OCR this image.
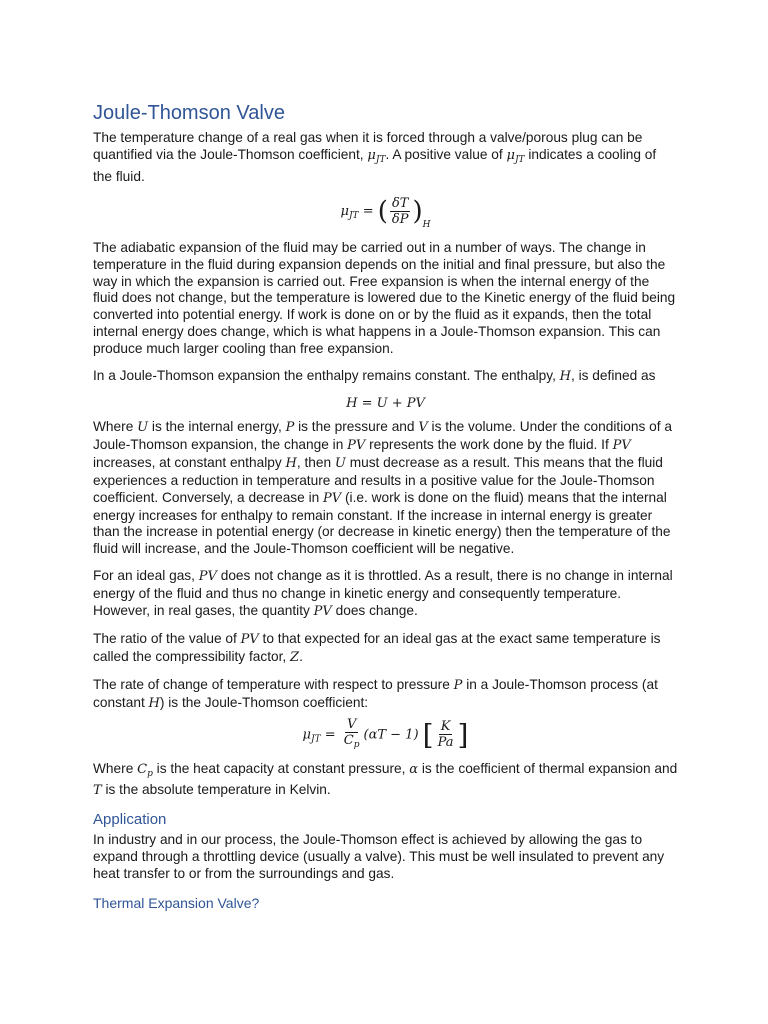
Joule-Thomson Valve

The temperature change of a real gas when it is forced through a valve/porous plug can be quantified via the Joule-Thomson coefficient, $\mu_{JT}$. A positive value of $\mu_{JT}$ indicates a cooling of the fluid.

$\mu_{JT}$ = ( $\frac{\delta T}{\delta P} )_H$

The adiabatic expansion of the fluid may be carried out in a number of ways. The change in temperature in the fluid during expansion depends on the initial and final pressure, but also the way in which the expansion is carried out. Free expansion is when the internal energy of the fluid does not change, but the temperature is lowered due to the Kinetic energy of the fluid being converted into potential energy. If work is done on or by the fluid as it expands, then the total internal energy does change, which is what happens in a Joule-Thomson expansion. This can produce much larger cooling than free expansion.

In a Joule-Thomson expansion the enthalpy remains constant. The enthalpy, H, is defined as

H = U + PV

Where U is the internal energy, P is the pressure and V is the volume. Under the conditions of a Joule-Thomson expansion, the change in PV represents the work done by the fluid. If PV increases, at constant enthalpy H, then U must decrease as a result. This means that the fluid experiences a reduction in temperature and results in a positive value for the Joule-Thomson coefficient. Conversely, a decrease in PV (i.e. work is done on the fluid) means that the internal energy increases for enthalpy to remain constant. If the increase in internal energy is greater than the increase in potential energy (or decrease in kinetic energy) then the temperature of the fluid will increase, and the Joule-Thomson coefficient will be negative.

For an ideal gas, PV does not change as it is throttled. As a result, there is no change in internal energy of the fluid and thus no change in kinetic energy and consequently temperature. However, in real gases, the quantity PV does change.

The ratio of the value of PV to that expected for an ideal gas at the exact same temperature is called the compressibility factor, Z.

The rate of change of temperature with respect to pressure P in a Joule-Thomson process (at constant H) is the Joule-Thomson coefficient:

$\mu_{JT} = \frac{V}{C_p} (\alpha T - 1)$ [ $\frac{K}{Pa}$ ]

Where $C_p$ is the heat capacity at constant pressure, α is the coefficient of thermal expansion and T is the absolute temperature in Kelvin.

Application

In industry and in our process, the Joule-Thomson effect is achieved by allowing the gas to expand through a throttling device (usually a valve). This must be well insulated to prevent any heat transfer to or from the surroundings and gas.

Thermal Expansion Valve?
